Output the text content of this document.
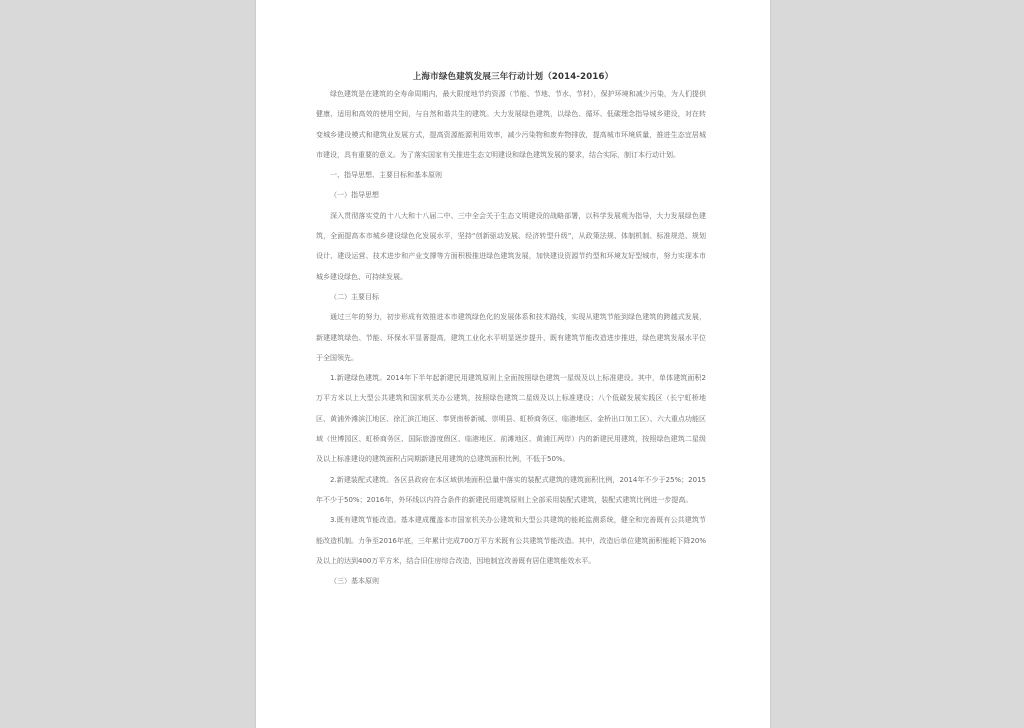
上海市绿色建筑发展三年行动计划（2014-2016）

绿色建筑是在建筑的全寿命周期内，最大限度地节约资源（节能、节地、节水、节材），保护环境和减少污染，为人们提供健康、适用和高效的使用空间，与自然和谐共生的建筑。大力发展绿色建筑，以绿色、循环、低碳理念指导城乡建设，对在转变城乡建设模式和建筑业发展方式，提高资源能源利用效率，减少污染物和废弃物排放，提高城市环境质量，推进生态宜居城市建设，具有重要的意义。为了落实国家有关推进生态文明建设和绿色建筑发展的要求，结合实际，制订本行动计划。

一、指导思想、主要目标和基本原则

（一）指导思想

深入贯彻落实党的十八大和十八届二中、三中全会关于生态文明建设的战略部署，以科学发展观为指导，大力发展绿色建筑，全面提高本市城乡建设绿色化发展水平，坚持“创新驱动发展、经济转型升级”，从政策法规、体制机制、标准规范、规划设计、建设运营、技术进步和产业支撑等方面积极推进绿色建筑发展，加快建设资源节约型和环境友好型城市，努力实现本市城乡建设绿色、可持续发展。

（二）主要目标

通过三年的努力，初步形成有效推进本市建筑绿色化的发展体系和技术路线，实现从建筑节能到绿色建筑的跨越式发展，新建建筑绿色、节能、环保水平显著提高，建筑工业化水平明显逐步提升，既有建筑节能改造进步推进，绿色建筑发展水平位于全国领先。

1.新建绿色建筑。2014年下半年起新建民用建筑原则上全面按照绿色建筑一星级及以上标准建设。其中，单体建筑面积2万平方米以上大型公共建筑和国家机关办公建筑，按照绿色建筑二星级及以上标准建设；八个低碳发展实践区（长宁虹桥地区、黄浦外滩滨江地区、徐汇滨江地区、奉贤南桥新城、崇明县、虹桥商务区、临港地区、金桥出口加工区）、六大重点功能区域（世博园区、虹桥商务区、国际旅游度假区、临港地区、前滩地区、黄浦江两岸）内的新建民用建筑，按照绿色建筑二星级及以上标准建设的建筑面积占同期新建民用建筑的总建筑面积比例，不低于50%。

2.新建装配式建筑。各区县政府在本区域供地面积总量中落实的装配式建筑的建筑面积比例，2014年不少于25%；2015年不少于50%；2016年，外环线以内符合条件的新建民用建筑原则上全部采用装配式建筑，装配式建筑比例进一步提高。

3.既有建筑节能改造。基本建成覆盖本市国家机关办公建筑和大型公共建筑的能耗监测系统，健全和完善既有公共建筑节能改造机制。力争至2016年底，三年累计完成700万平方米既有公共建筑节能改造。其中，改造后单位建筑面积能耗下降20%及以上的达到400万平方米，结合旧住房综合改造，因地制宜改善既有居住建筑能效水平。

（三）基本原则
